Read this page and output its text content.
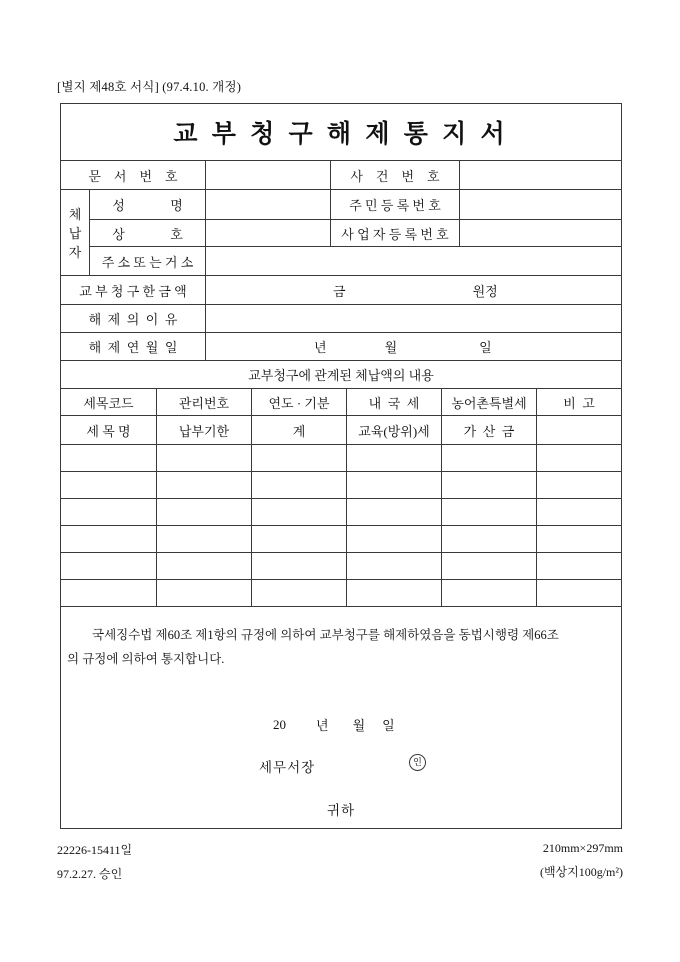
[별지 제48호 서식] (97.4.10. 개정)
교 부 청 구 해 제 통 지 서
문    서    번    호	사    건    번    호
체
납
자
성              명	주 민 등 록 번 호
상              호	사 업 자 등 록 번 호
주 소 또 는 거 소
교 부 청 구 한 금 액	금	원정
해  제  의  이  유
해  제  연  월  일	년	월	일
교부청구에 관계된 체납액의 내용
세목코드	관리번호	연도 · 기분	내  국  세	농어촌특별세	비  고
세 목 명	납부기한	계	교육(방위)세	가  산  금
국세징수법 제60조 제1항의 규정에 의하여 교부청구를 해제하였음을 동법시행령 제66조
의 규정에 의하여 통지합니다.
20 년 월 일
세무서장	인
귀하
22226-15411일
97.2.27. 승인
210mm×297mm
(백상지100g/m²)
